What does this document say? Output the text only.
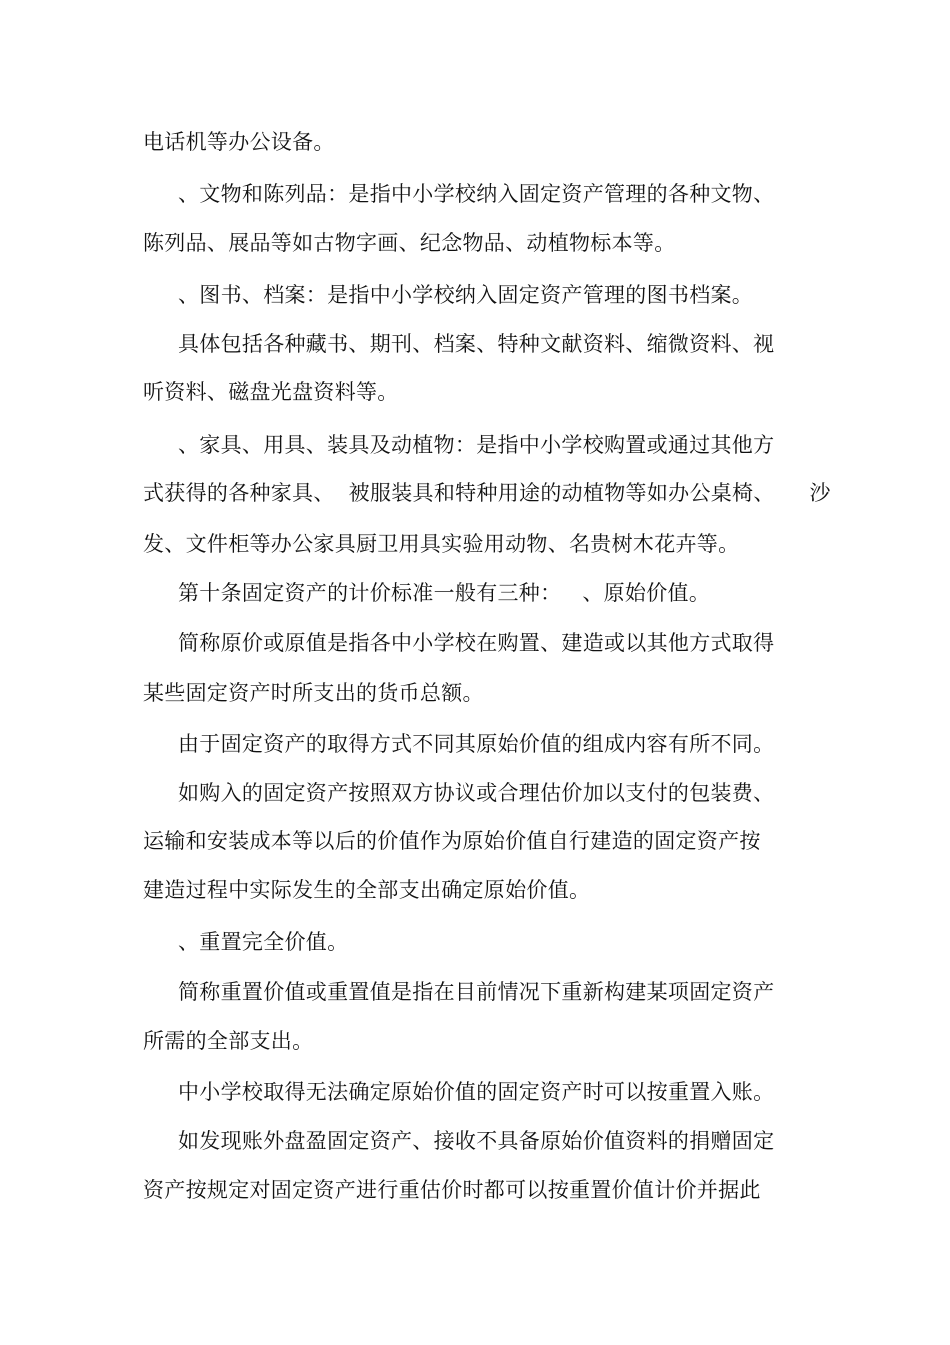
电话机等办公设备。
、文物和陈列品：是指中小学校纳入固定资产管理的各种文物、
陈列品、展品等如古物字画、纪念物品、动植物标本等。
、图书、档案：是指中小学校纳入固定资产管理的图书档案。
具体包括各种藏书、期刊、档案、特种文献资料、缩微资料、视
听资料、磁盘光盘资料等。
、家具、用具、装具及动植物：是指中小学校购置或通过其他方
式获得的各种家具、  被服装具和特种用途的动植物等如办公桌椅、     沙
发、文件柜等办公家具厨卫用具实验用动物、名贵树木花卉等。
第十条固定资产的计价标准一般有三种：   、原始价值。
简称原价或原值是指各中小学校在购置、建造或以其他方式取得
某些固定资产时所支出的货币总额。
由于固定资产的取得方式不同其原始价值的组成内容有所不同。
如购入的固定资产按照双方协议或合理估价加以支付的包装费、
运输和安装成本等以后的价值作为原始价值自行建造的固定资产按
建造过程中实际发生的全部支出确定原始价值。
、重置完全价值。
简称重置价值或重置值是指在目前情况下重新构建某项固定资产
所需的全部支出。
中小学校取得无法确定原始价值的固定资产时可以按重置入账。
如发现账外盘盈固定资产、接收不具备原始价值资料的捐赠固定
资产按规定对固定资产进行重估价时都可以按重置价值计价并据此
